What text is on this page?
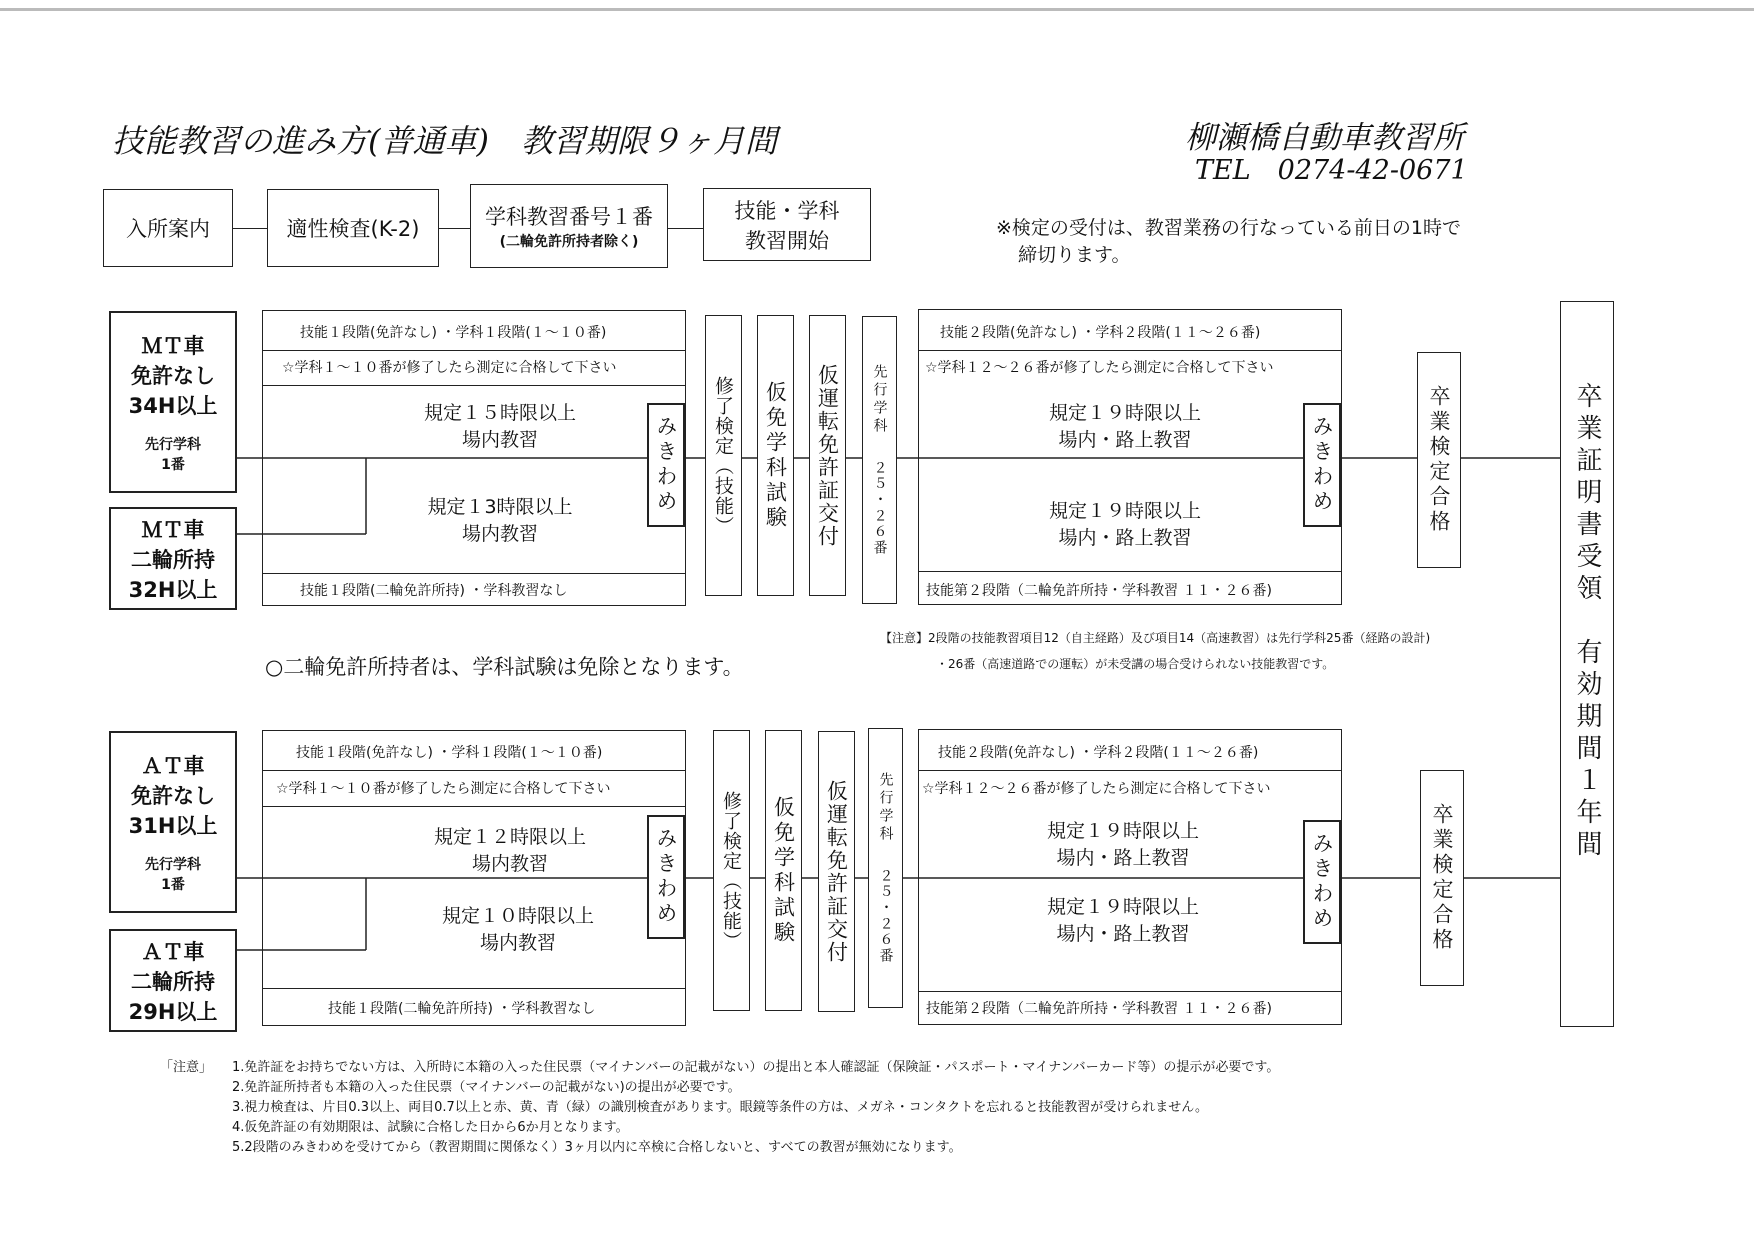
技能教習の進み方(普通車)　教習期限９ヶ月間	柳瀬橋自動車教習所
TEL　0274-42-0671
入所案内	適性検査(K-2)	学科教習番号１番
(二輪免許所持者除く)
技能・学科
教習開始
※検定の受付は、教習業務の行なっている前日の1時で
締切ります。
ＭＴ車
免許なし
34H以上
先行学科
1番
ＭＴ車
二輪所持
32H以上
技能１段階(免許なし) ・学科１段階(１～１０番)
☆学科１～１０番が修了したら測定に合格して下さい
規定１５時限以上
場内教習
規定１3時限以上
場内教習
技能１段階(二輪免許所持) ・学科教習なし
みきわめ 修了検定（技能） 仮免学科試験 仮運転免許証交付 先行学科
２５・２６番
技能２段階(免許なし) ・学科２段階(１１～２６番)
☆学科１２～２６番が修了したら測定に合格して下さい
規定１９時限以上
場内・路上教習
規定１９時限以上
場内・路上教習
技能第２段階（二輪免許所持・学科教習 １１・２６番)
みきわめ	卒業検定合格	卒業証明書受領　有効期間１年間
【注意】2段階の技能教習項目12（自主経路）及び項目14（高速教習）は先行学科25番（経路の設計)
・26番（高速道路での運転）が未受講の場合受けられない技能教習です。
○二輪免許所持者は、学科試験は免除となります。
ＡＴ車
免許なし
31H以上
先行学科
1番
ＡＴ車
二輪所持
29H以上
技能１段階(免許なし) ・学科１段階(１～１０番)
☆学科１～１０番が修了したら測定に合格して下さい
規定１２時限以上
場内教習
規定１０時限以上
場内教習
技能１段階(二輪免許所持) ・学科教習なし
みきわめ 修了検定（技能） 仮免学科試験 仮運転免許証交付 先行学科
２５・２６番
技能２段階(免許なし) ・学科２段階(１１～２６番)
☆学科１２～２６番が修了したら測定に合格して下さい
規定１９時限以上
場内・路上教習
規定１９時限以上
場内・路上教習
技能第２段階（二輪免許所持・学科教習 １１・２６番)
みきわめ	卒業検定合格
「注意」 1.免許証をお持ちでない方は、入所時に本籍の入った住民票（マイナンバーの記載がない）の提出と本人確認証（保険証・パスポート・マイナンバーカード等）の提示が必要です。
2.免許証所持者も本籍の入った住民票（マイナンバーの記載がない)の提出が必要です。
3.視力検査は、片目0.3以上、両目0.7以上と赤、黄、青（緑）の識別検査があります。眼鏡等条件の方は、メガネ・コンタクトを忘れると技能教習が受けられません。
4.仮免許証の有効期限は、試験に合格した日から6か月となります。
5.2段階のみきわめを受けてから（教習期間に関係なく）3ヶ月以内に卒検に合格しないと、すべての教習が無効になります。
